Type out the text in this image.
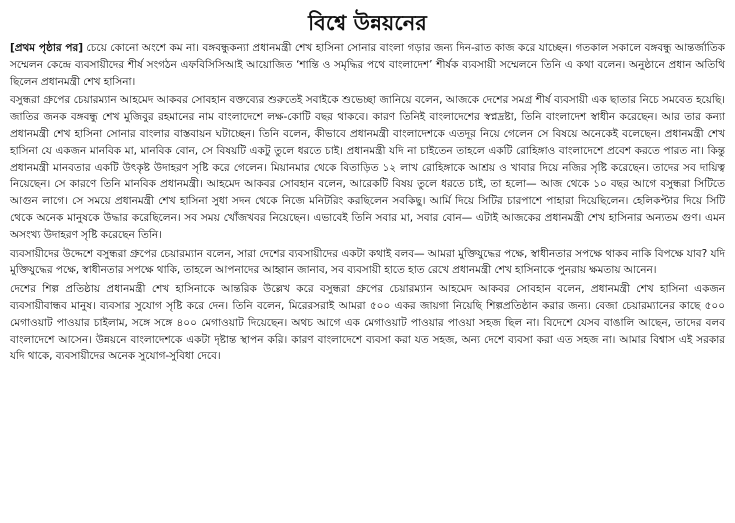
বিশ্বে উন্নয়নের

[প্রথম পৃষ্ঠার পর] চেয়ে কোনো অংশে কম না। বঙ্গবন্ধুকন্যা প্রধানমন্ত্রী শেখ হাসিনা সোনার বাংলা গড়ার জন্য দিন-রাত কাজ করে যাচ্ছেন। গতকাল সকালে বঙ্গবন্ধু আন্তর্জাতিক সম্মেলন কেন্দ্রে ব্যবসায়ীদের শীর্ষ সংগঠন এফবিসিসিআই আয়োজিত ‘শান্তি ও সমৃদ্ধির পথে বাংলাদেশ’ শীর্ষক ব্যবসায়ী সম্মেলনে তিনি এ কথা বলেন। অনুষ্ঠানে প্রধান অতিথি ছিলেন প্রধানমন্ত্রী শেখ হাসিনা।

বসুন্ধরা গ্রুপের চেয়ারম্যান আহমেদ আকবর সোবহান বক্তব্যের শুরুতেই সবাইকে শুভেচ্ছা জানিয়ে বলেন, আজকে দেশের সমগ্র শীর্ষ ব্যবসায়ী এক ছাতার নিচে সমবেত হয়েছি। জাতির জনক বঙ্গবন্ধু শেখ মুজিবুর রহমানের নাম বাংলাদেশে লক্ষ-কোটি বছর থাকবে। কারণ তিনিই বাংলাদেশের স্বপ্নদ্রষ্টা, তিনি বাংলাদেশ স্বাধীন করেছেন। আর তার কন্যা প্রধানমন্ত্রী শেখ হাসিনা সোনার বাংলার বাস্তবায়ন ঘটাচ্ছেন। তিনি বলেন, কীভাবে প্রধানমন্ত্রী বাংলাদেশকে এতদূর নিয়ে গেলেন সে বিষয়ে অনেকেই বলেছেন। প্রধানমন্ত্রী শেখ হাসিনা যে একজন মানবিক মা, মানবিক বোন, সে বিষয়টি একটু তুলে ধরতে চাই। প্রধানমন্ত্রী যদি না চাইতেন তাহলে একটি রোহিঙ্গাও বাংলাদেশে প্রবেশ করতে পারত না। কিন্তু প্রধানমন্ত্রী মানবতার একটি উৎকৃষ্ট উদাহরণ সৃষ্টি করে গেলেন। মিয়ানমার থেকে বিতাড়িত ১২ লাখ রোহিঙ্গাকে আশ্রয় ও খাবার দিয়ে নজির সৃষ্টি করেছেন। তাদের সব দায়িত্ব নিয়েছেন। সে কারণে তিনি মানবিক প্রধানমন্ত্রী। আহমেদ আকবর সোবহান বলেন, আরেকটি বিষয় তুলে ধরতে চাই, তা হলো— আজ থেকে ১০ বছর আগে বসুন্ধরা সিটিতে আগুন লাগে। সে সময়ে প্রধানমন্ত্রী শেখ হাসিনা সুধা সদন থেকে নিজে মনিটরিং করছিলেন সবকিছু। আর্মি দিয়ে সিটির চারপাশে পাহারা দিয়েছিলেন। হেলিকপ্টার দিয়ে সিটি থেকে অনেক মানুষকে উদ্ধার করেছিলেন। সব সময় খোঁজখবর নিয়েছেন। এভাবেই তিনি সবার মা, সবার বোন— এটাই আজকের প্রধানমন্ত্রী শেখ হাসিনার অন্যতম গুণ। এমন অসংখ্য উদাহরণ সৃষ্টি করেছেন তিনি।

ব্যবসায়ীদের উদ্দেশে বসুন্ধরা গ্রুপের চেয়ারম্যান বলেন, সারা দেশের ব্যবসায়ীদের একটা কথাই বলব— আমরা মুক্তিযুদ্ধের পক্ষে, স্বাধীনতার সপক্ষে থাকব নাকি বিপক্ষে যাব? যদি মুক্তিযুদ্ধের পক্ষে, স্বাধীনতার সপক্ষে থাকি, তাহলে আপনাদের আহ্বান জানাব, সব ব্যবসায়ী হাতে হাত রেখে প্রধানমন্ত্রী শেখ হাসিনাকে পুনরায় ক্ষমতায় আনেন।

দেশের শিল্প প্রতিষ্ঠায় প্রধানমন্ত্রী শেখ হাসিনাকে আন্তরিক উল্লেখ করে বসুন্ধরা গ্রুপের চেয়ারম্যান আহমেদ আকবর সোবহান বলেন, প্রধানমন্ত্রী শেখ হাসিনা একজন ব্যবসায়ীবান্ধব মানুষ। ব্যবসার সুযোগ সৃষ্টি করে দেন। তিনি বলেন, মিরেরসরাই আমরা ৫০০ একর জায়গা নিয়েছি শিল্পপ্রতিষ্ঠান করার জন্য। বেজা চেয়ারম্যানের কাছে ৫০০ মেগাওয়াট পাওয়ার চাইলাম, সঙ্গে সঙ্গে ৪০০ মেগাওয়াট দিয়েছেন। অথচ আগে এক মেগাওয়াট পাওয়ার পাওয়া সহজ ছিল না। বিদেশে যেসব বাঙালি আছেন, তাদের বলব বাংলাদেশে আসেন। উন্নয়নে বাংলাদেশকে একটা দৃষ্টান্ত স্থাপন করি। কারণ বাংলাদেশে ব্যবসা করা যত সহজ, অন্য দেশে ব্যবসা করা এত সহজ না। আমার বিশ্বাস এই সরকার যদি থাকে, ব্যবসায়ীদের অনেক সুযোগ-সুবিধা দেবে।
